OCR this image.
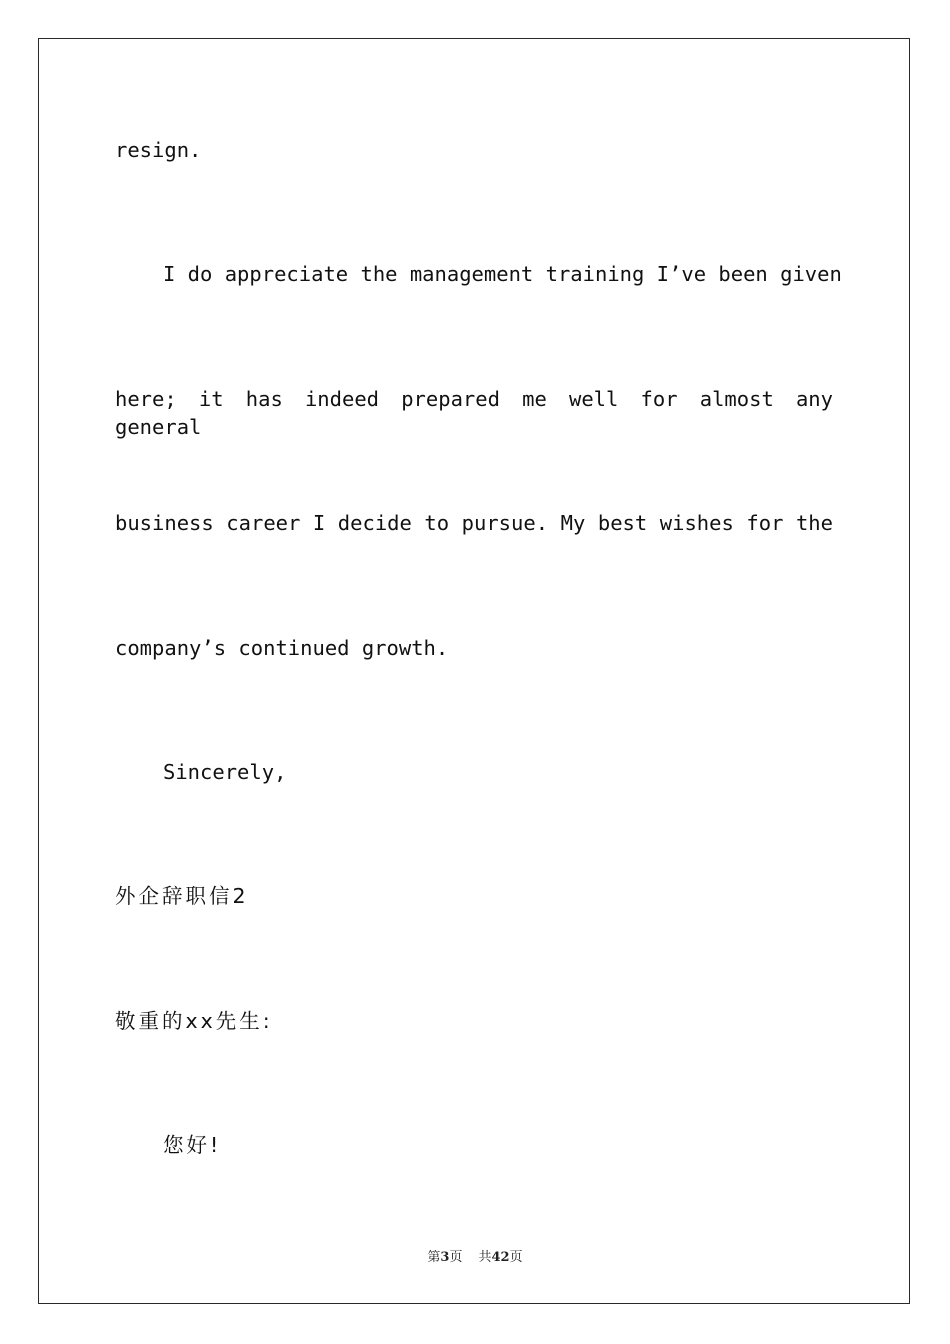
resign.
I do appreciate the management training I’ve been given
here; it has indeed prepared me well for almost any general
business career I decide to pursue. My best wishes for the
company’s continued growth.
Sincerely,
外企辞职信2
敬重的xx先生:
您好!
第3页 共42页
